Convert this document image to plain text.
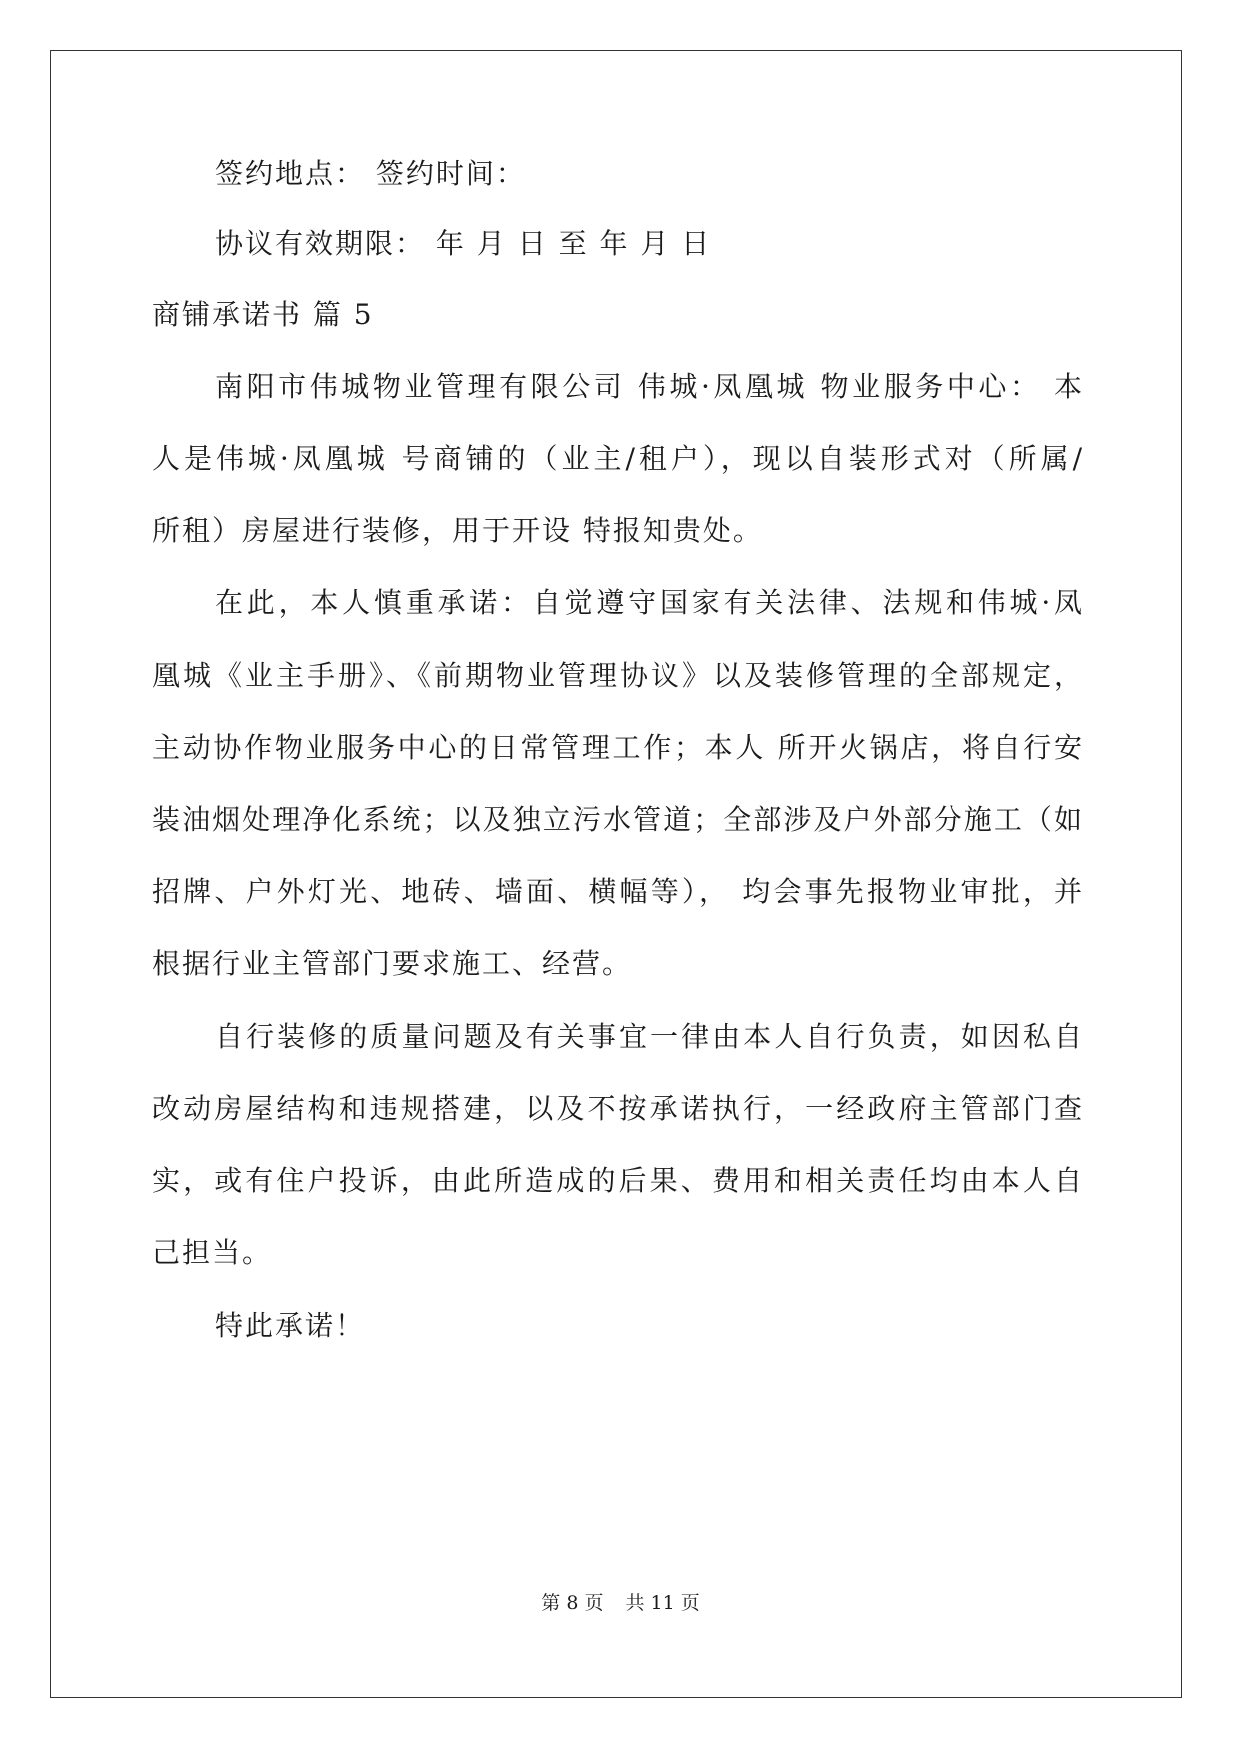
签约地点： 签约时间：
协议有效期限： 年 月 日 至 年 月 日
商铺承诺书 篇 5
南阳市伟城物业管理有限公司 伟城·凤凰城 物业服务中心： 本
人是伟城·凤凰城 号商铺的（业主/租户），现以自装形式对（所属/
所租）房屋进行装修，用于开设 特报知贵处。
在此，本人慎重承诺：自觉遵守国家有关法律、法规和伟城·凤
凰城《业主手册》、《前期物业管理协议》以及装修管理的全部规定，
主动协作物业服务中心的日常管理工作；本人 所开火锅店，将自行安
装油烟处理净化系统；以及独立污水管道；全部涉及户外部分施工（如
招牌、户外灯光、地砖、墙面、横幅等）， 均会事先报物业审批，并
根据行业主管部门要求施工、经营。
自行装修的质量问题及有关事宜一律由本人自行负责，如因私自
改动房屋结构和违规搭建，以及不按承诺执行，一经政府主管部门查
实，或有住户投诉，由此所造成的后果、费用和相关责任均由本人自
己担当。
特此承诺！
第 8 页 共 11 页
